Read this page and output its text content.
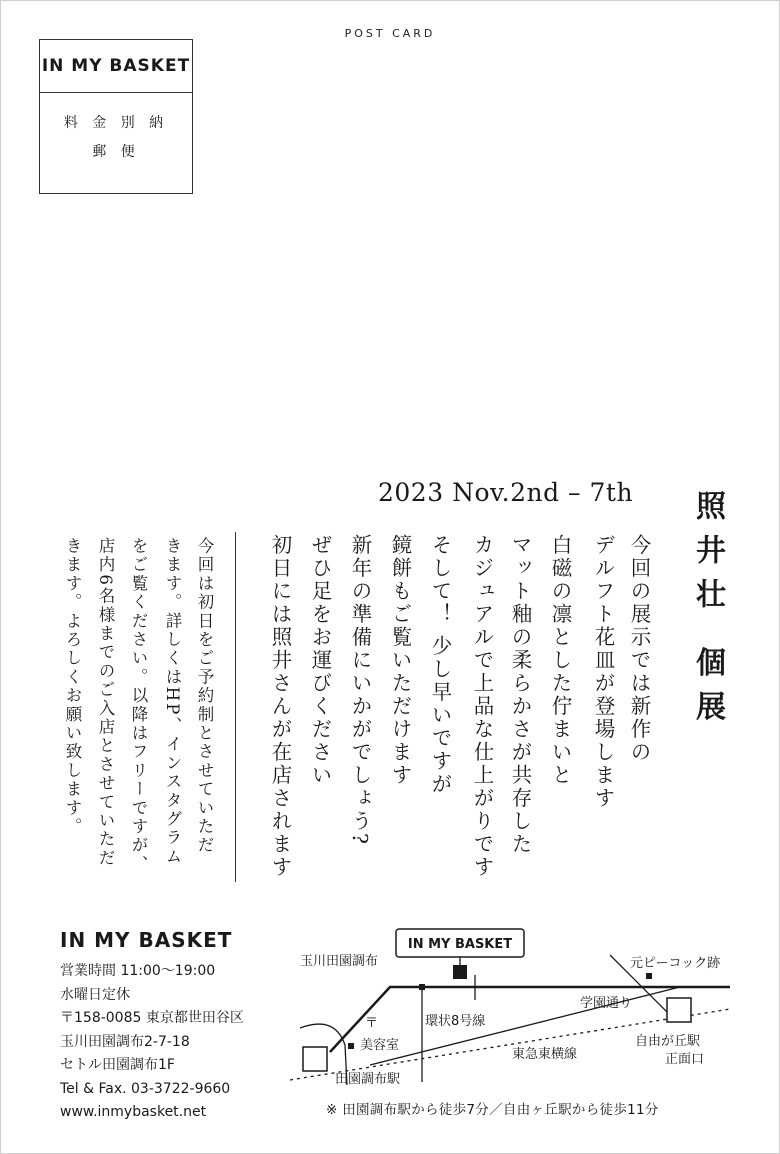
POST CARD
IN MY BASKET
料 金 別 納
郵 便
2023 Nov.2nd – 7th 照井壮 個展
今回の展示では新作の
デルフト花皿が登場します
白磁の凛とした佇まいと
マット釉の柔らかさが共存した
カジュアルで上品な仕上がりです
そして！ 少し早いですが
鏡餅もご覧いただけます
新年の準備にいかがでしょう?
ぜひ足をお運びください
初日には照井さんが在店されます
今回は初日をご予約制とさせていただ
きます。詳しくはHP、インスタグラム
をご覧ください。以降はフリーですが、
店内6名様までのご入店とさせていただ
きます。よろしくお願い致します。
IN MY BASKET
営業時間 11:00〜19:00
水曜日定休
〒158-0085 東京都世田谷区
玉川田園調布2-7-18
セトル田園調布1F
Tel & Fax. 03-3722-9660
www.inmybasket.net
IN MY BASKET
玉川田園調布
環状8号線
〒
美容室
田園調布駅
東急東横線
学園通り
元ピーコック跡
自由が丘駅
正面口
※ 田園調布駅から徒歩7分／自由ヶ丘駅から徒歩11分
